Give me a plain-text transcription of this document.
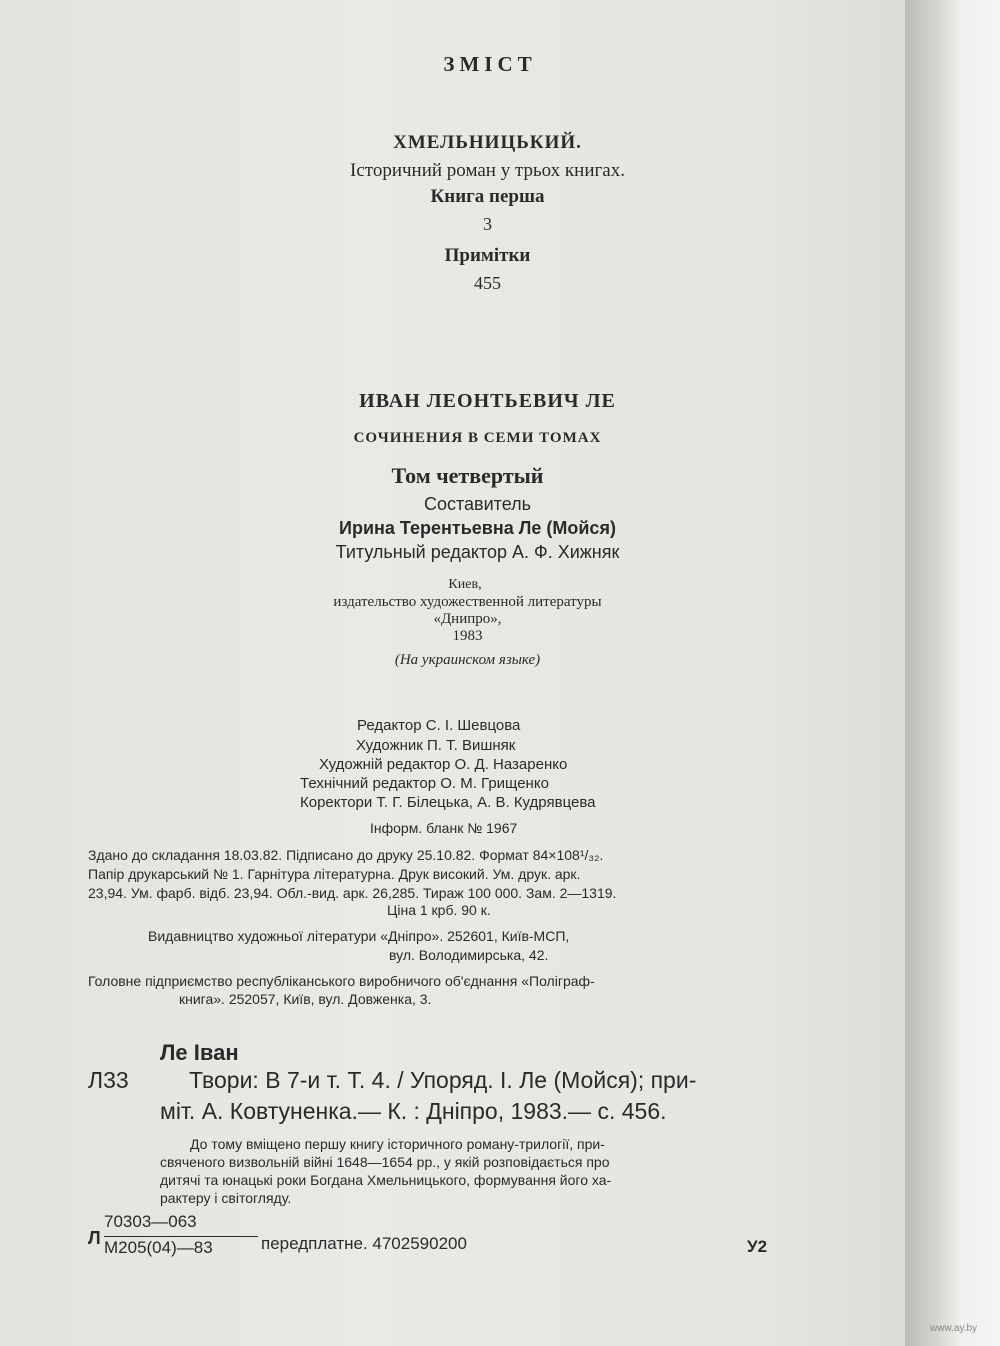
ЗМІСТ
ХМЕЛЬНИЦЬКИЙ.
Історичний роман у трьох книгах.
Книга перша
3
Примітки
455
ИВАН ЛЕОНТЬЕВИЧ ЛЕ
СОЧИНЕНИЯ В СЕМИ ТОМАХ
Том четвертый
Составитель
Ирина Терентьевна Ле (Мойся)
Титульный редактор А. Ф. Хижняк
Киев,
издательство художественной литературы
«Днипро»,
1983
(На украинском языке)
Редактор С. І. Шевцова
Художник П. Т. Вишняк
Художній редактор О. Д. Назаренко
Технічний редактор О. М. Грищенко
Коректори Т. Г. Білецька, А. В. Кудрявцева
Інформ. бланк № 1967
Здано до складання 18.03.82. Підписано до друку 25.10.82. Формат 84×108¹/₃₂.
Папір друкарський № 1. Гарнітура літературна. Друк високий. Ум. друк. арк.
23,94. Ум. фарб. відб. 23,94. Обл.-вид. арк. 26,285. Тираж 100 000. Зам. 2—1319.
Ціна 1 крб. 90 к.
Видавництво художньої літератури «Дніпро». 252601, Київ-МСП,
вул. Володимирська, 42.
Головне підприємство республіканського виробничого об'єднання «Поліграф-
книга». 252057, Київ, вул. Довженка, 3.
Ле Іван
Л33	Твори: В 7-и т. Т. 4. / Упоряд. І. Ле (Мойся); при-
міт. А. Ковтуненка.— К. : Дніпро, 1983.— с. 456.
До тому вміщено першу книгу історичного роману-трилогії, при-
свяченого визвольній війні 1648—1654 рр., у якій розповідається про
дитячі та юнацькі роки Богдана Хмельницького, формування його ха-
рактеру і світогляду.
Л
70303—063
М205(04)—83	передплатне. 4702590200	У2
www.ay.by
